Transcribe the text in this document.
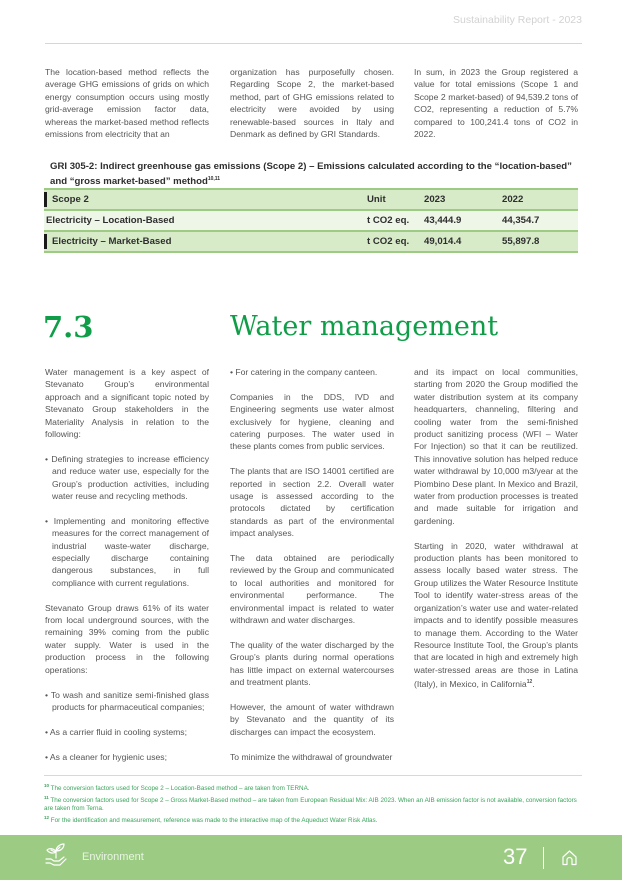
Sustainability Report - 2023

The location-based method reflects the average GHG emissions of grids on which energy consumption occurs using mostly grid-average emission factor data, whereas the market-based method reflects emissions from electricity that an

organization has purposefully chosen. Regarding Scope 2, the market-based method, part of GHG emissions related to electricity were avoided by using renewable-based sources in Italy and Denmark as defined by GRI Standards.

In sum, in 2023 the Group registered a value for total emissions (Scope 1 and Scope 2 market-based) of 94,539.2 tons of CO2, representing a reduction of 5.7% compared to 100,241.4 tons of CO2 in 2022.

GRI 305-2: Indirect greenhouse gas emissions (Scope 2) – Emissions calculated according to the “location-based” and “gross market-based” method$^{10,11}$
Scope 2	Unit	2023	2022
Electricity – Location-Based	t CO2 eq. 43,444.9	44,354.7
Electricity – Market-Based	t CO2 eq. 49,014.4	55,897.8
7.3	Water management

Water management is a key aspect of Stevanato Group’s environmental approach and a significant topic noted by Stevanato Group stakeholders in the Materiality Analysis in relation to the following:

• Defining strategies to increase efficiency and reduce water use, especially for the Group’s production activities, including water reuse and recycling methods.

• Implementing and monitoring effective measures for the correct management of industrial waste-water discharge, especially discharge containing dangerous substances, in full compliance with current regulations.

Stevanato Group draws 61% of its water from local underground sources, with the remaining 39% coming from the public water supply. Water is used in the production process in the following operations:

• To wash and sanitize semi-finished glass products for pharmaceutical companies;

• As a carrier fluid in cooling systems;

• As a cleaner for hygienic uses;

• For catering in the company canteen.

Companies in the DDS, IVD and Engineering segments use water almost exclusively for hygiene, cleaning and catering purposes. The water used in these plants comes from public services.

The plants that are ISO 14001 certified are reported in section 2.2. Overall water usage is assessed according to the protocols dictated by certification standards as part of the environmental impact analyses.

The data obtained are periodically reviewed by the Group and communicated to local authorities and monitored for environmental performance. The environmental impact is related to water withdrawn and water discharges.

The quality of the water discharged by the Group’s plants during normal operations has little impact on external watercourses and treatment plants.

However, the amount of water withdrawn by Stevanato and the quantity of its discharges can impact the ecosystem.

To minimize the withdrawal of groundwater

and its impact on local communities, starting from 2020 the Group modified the water distribution system at its company headquarters, channeling, filtering and cooling water from the semi-finished product sanitizing process (WFI – Water For Injection) so that it can be reutilized. This innovative solution has helped reduce water withdrawal by 10,000 m3/year at the Piombino Dese plant. In Mexico and Brazil, water from production processes is treated and made suitable for irrigation and gardening.

Starting in 2020, water withdrawal at production plants has been monitored to assess locally based water stress. The Group utilizes the Water Resource Institute Tool to identify water-stress areas of the organization’s water use and water-related impacts and to identify possible measures to manage them. According to the Water Resource Institute Tool, the Group’s plants that are located in high and extremely high water-stressed areas are those in Latina (Italy), in Mexico, in California$^{12}$.

$^{10}$ The conversion factors used for Scope 2 – Location-Based method – are taken from TERNA.
$^{11}$ The conversion factors used for Scope 2 – Gross Market-Based method – are taken from European Residual Mix: AIB 2023. When an AIB emission factor is not available, conversion factors are taken from Terna.
$^{12}$ For the identification and measurement, reference was made to the interactive map of the Aqueduct Water Risk Atlas.
Environment	37
